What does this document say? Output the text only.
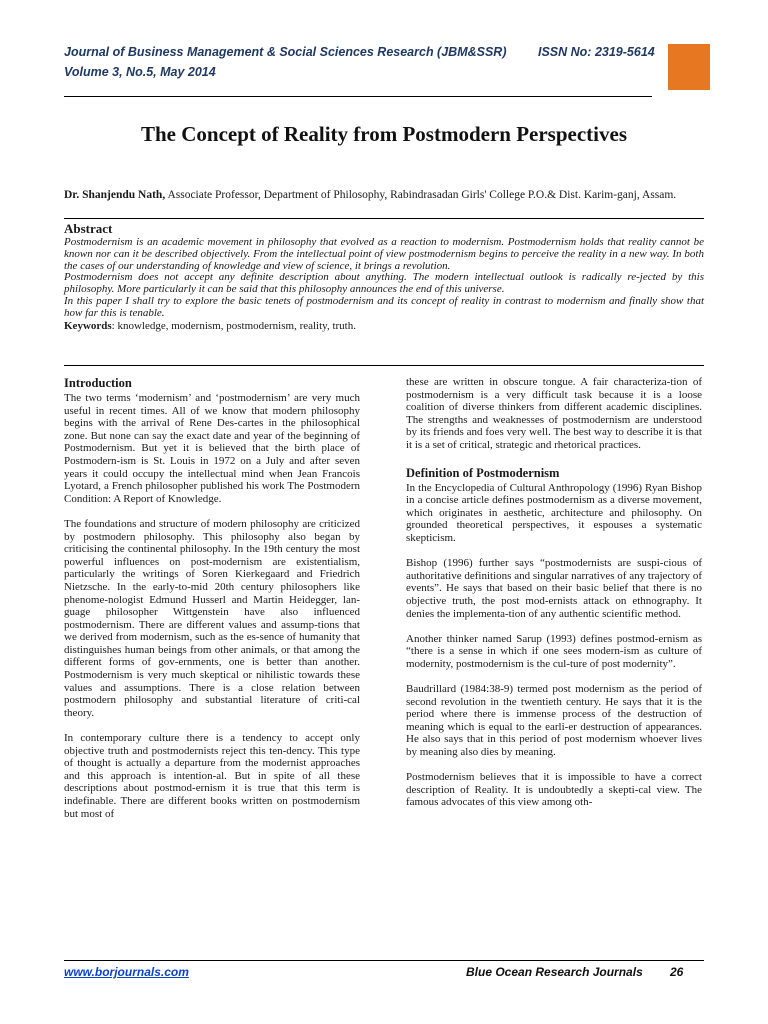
Journal of Business Management & Social Sciences Research (JBM&SSR)	ISSN No: 2319-5614
Volume 3, No.5, May 2014
The Concept of Reality from Postmodern Perspectives
Dr. Shanjendu Nath, Associate Professor, Department of Philosophy, Rabindrasadan Girls' College P.O.& Dist. Karim-ganj, Assam.
Abstract

Postmodernism is an academic movement in philosophy that evolved as a reaction to modernism. Postmodernism holds that reality cannot be known nor can it be described objectively. From the intellectual point of view postmodernism begins to perceive the reality in a new way. In both the cases of our understanding of knowledge and view of science, it brings a revolution.

Postmodernism does not accept any definite description about anything. The modern intellectual outlook is radically re-jected by this philosophy. More particularly it can be said that this philosophy announces the end of this universe.

In this paper I shall try to explore the basic tenets of postmodernism and its concept of reality in contrast to modernism and finally show that how far this is tenable.

Keywords: knowledge, modernism, postmodernism, reality, truth.

Introduction

The two terms ‘modernism’ and ‘postmodernism’ are very much useful in recent times. All of we know that modern philosophy begins with the arrival of Rene Des-cartes in the philosophical zone. But none can say the exact date and year of the beginning of Postmodernism. But yet it is believed that the birth place of Postmodern-ism is St. Louis in 1972 on a July and after seven years it could occupy the intellectual mind when Jean Francois Lyotard, a French philosopher published his work The Postmodern Condition: A Report of Knowledge.

The foundations and structure of modern philosophy are criticized by postmodern philosophy. This philosophy also began by criticising the continental philosophy. In the 19th century the most powerful influences on post-modernism are existentialism, particularly the writings of Soren Kierkegaard and Friedrich Nietzsche. In the early-to-mid 20th century philosophers like phenome-nologist Edmund Husserl and Martin Heidegger, lan-guage philosopher Wittgenstein have also influenced postmodernism. There are different values and assump-tions that we derived from modernism, such as the es-sence of humanity that distinguishes human beings from other animals, or that among the different forms of gov-ernments, one is better than another. Postmodernism is very much skeptical or nihilistic towards these values and assumptions. There is a close relation between postmodern philosophy and substantial literature of criti-cal theory.

In contemporary culture there is a tendency to accept only objective truth and postmodernists reject this ten-dency. This type of thought is actually a departure from the modernist approaches and this approach is intention-al. But in spite of all these descriptions about postmod-ernism it is true that this term is indefinable. There are different books written on postmodernism but most of

these are written in obscure tongue. A fair characteriza-tion of postmodernism is a very difficult task because it is a loose coalition of diverse thinkers from different academic disciplines. The strengths and weaknesses of postmodernism are understood by its friends and foes very well. The best way to describe it is that it is a set of critical, strategic and rhetorical practices.

Definition of Postmodernism

In the Encyclopedia of Cultural Anthropology (1996) Ryan Bishop in a concise article defines postmodernism as a diverse movement, which originates in aesthetic, architecture and philosophy. On grounded theoretical perspectives, it espouses a systematic skepticism.

Bishop (1996) further says “postmodernists are suspi-cious of authoritative definitions and singular narratives of any trajectory of events”. He says that based on their basic belief that there is no objective truth, the post mod-ernists attack on ethnography. It denies the implementa-tion of any authentic scientific method.

Another thinker named Sarup (1993) defines postmod-ernism as “there is a sense in which if one sees modern-ism as culture of modernity, postmodernism is the cul-ture of post modernity”.

Baudrillard (1984:38-9) termed post modernism as the period of second revolution in the twentieth century. He says that it is the period where there is immense process of the destruction of meaning which is equal to the earli-er destruction of appearances. He also says that in this period of post modernism whoever lives by meaning also dies by meaning.

Postmodernism believes that it is impossible to have a correct description of Reality. It is undoubtedly a skepti-cal view. The famous advocates of this view among oth-

www.borjournals.com	Blue Ocean Research Journals 26
